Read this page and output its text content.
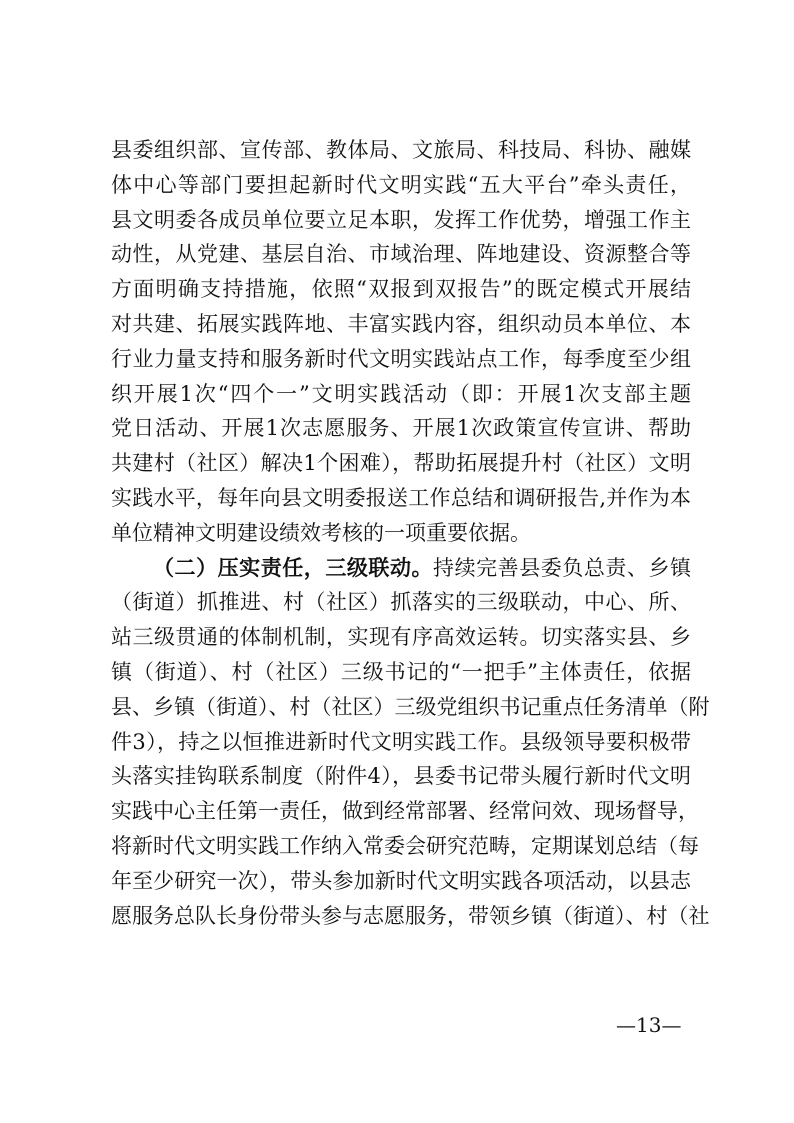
县委组织部、宣传部、教体局、文旅局、科技局、科协、融媒
体中心等部门要担起新时代文明实践“五大平台”牵头责任，
县文明委各成员单位要立足本职，发挥工作优势，增强工作主
动性，从党建、基层自治、市域治理、阵地建设、资源整合等
方面明确支持措施，依照“双报到双报告”的既定模式开展结
对共建、拓展实践阵地、丰富实践内容，组织动员本单位、本
行业力量支持和服务新时代文明实践站点工作，每季度至少组
织开展1次“四个一”文明实践活动（即：开展1次支部主题
党日活动、开展1次志愿服务、开展1次政策宣传宣讲、帮助
共建村（社区）解决1个困难），帮助拓展提升村（社区）文明
实践水平，每年向县文明委报送工作总结和调研报告,并作为本
单位精神文明建设绩效考核的一项重要依据。
（二）压实责任，三级联动。持续完善县委负总责、乡镇
（街道）抓推进、村（社区）抓落实的三级联动，中心、所、
站三级贯通的体制机制，实现有序高效运转。切实落实县、乡
镇（街道）、村（社区）三级书记的“一把手”主体责任，依据
县、乡镇（街道）、村（社区）三级党组织书记重点任务清单（附
件3），持之以恒推进新时代文明实践工作。县级领导要积极带
头落实挂钩联系制度（附件4），县委书记带头履行新时代文明
实践中心主任第一责任，做到经常部署、经常问效、现场督导，
将新时代文明实践工作纳入常委会研究范畴，定期谋划总结（每
年至少研究一次），带头参加新时代文明实践各项活动，以县志
愿服务总队长身份带头参与志愿服务，带领乡镇（街道）、村（社
—13—
